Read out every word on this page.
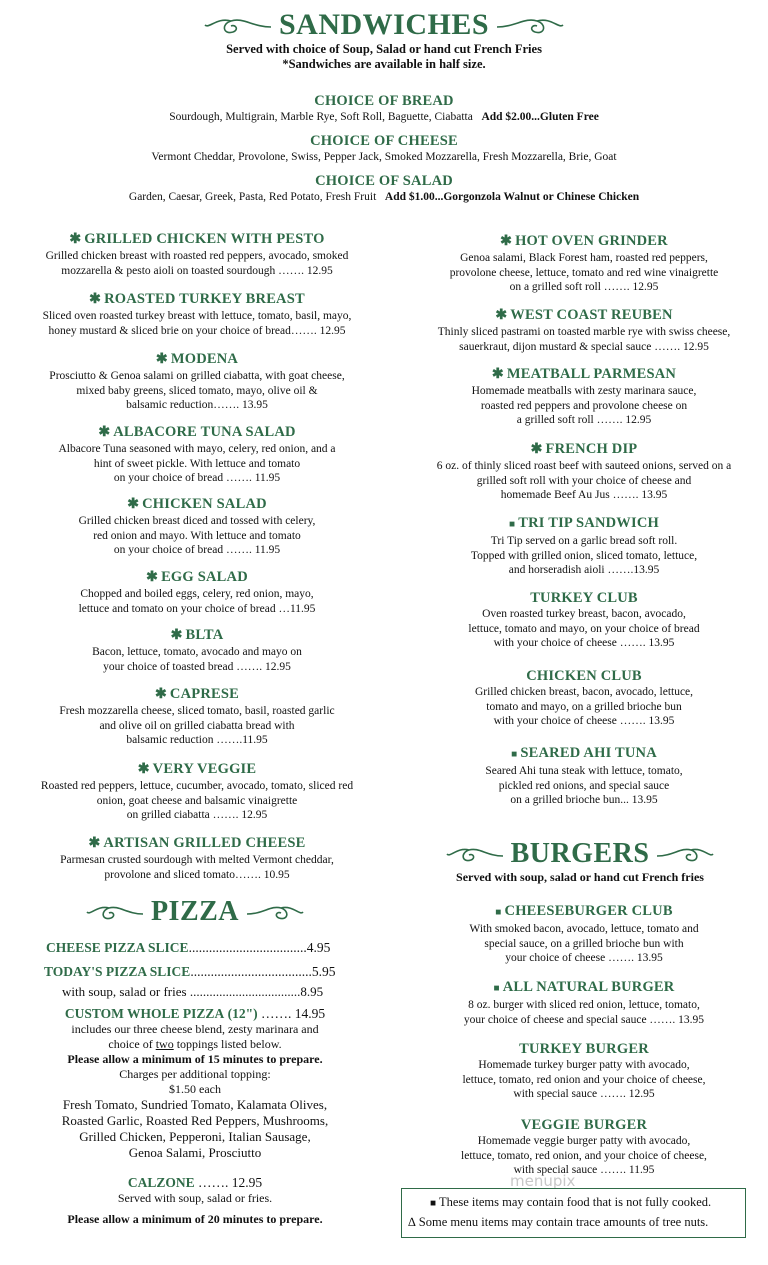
SANDWICHES
Served with choice of Soup, Salad or hand cut French Fries
*Sandwiches are available in half size.
CHOICE OF BREAD
Sourdough, Multigrain, Marble Rye, Soft Roll, Baguette, Ciabatta Add $2.00...Gluten Free
CHOICE OF CHEESE
Vermont Cheddar, Provolone, Swiss, Pepper Jack, Smoked Mozzarella, Fresh Mozzarella, Brie, Goat
CHOICE OF SALAD
Garden, Caesar, Greek, Pasta, Red Potato, Fresh Fruit Add $1.00...Gorgonzola Walnut or Chinese Chicken
✱ GRILLED CHICKEN WITH PESTO
Grilled chicken breast with roasted red peppers, avocado, smoked
mozzarella & pesto aioli on toasted sourdough ……. 12.95
✱ ROASTED TURKEY BREAST
Sliced oven roasted turkey breast with lettuce, tomato, basil, mayo,
honey mustard & sliced brie on your choice of bread……. 12.95
✱ MODENA
Prosciutto & Genoa salami on grilled ciabatta, with goat cheese,
mixed baby greens, sliced tomato, mayo, olive oil &
balsamic reduction……. 13.95
✱ ALBACORE TUNA SALAD
Albacore Tuna seasoned with mayo, celery, red onion, and a
hint of sweet pickle. With lettuce and tomato
on your choice of bread ……. 11.95
✱ CHICKEN SALAD
Grilled chicken breast diced and tossed with celery,
red onion and mayo. With lettuce and tomato
on your choice of bread ……. 11.95
✱ EGG SALAD
Chopped and boiled eggs, celery, red onion, mayo,
lettuce and tomato on your choice of bread …11.95
✱ BLTA
Bacon, lettuce, tomato, avocado and mayo on
your choice of toasted bread ……. 12.95
✱ CAPRESE
Fresh mozzarella cheese, sliced tomato, basil, roasted garlic
and olive oil on grilled ciabatta bread with
balsamic reduction …….11.95
✱ VERY VEGGIE
Roasted red peppers, lettuce, cucumber, avocado, tomato, sliced red
onion, goat cheese and balsamic vinaigrette
on grilled ciabatta ……. 12.95
✱ ARTISAN GRILLED CHEESE
Parmesan crusted sourdough with melted Vermont cheddar,
provolone and sliced tomato……. 10.95
✱ HOT OVEN GRINDER
Genoa salami, Black Forest ham, roasted red peppers,
provolone cheese, lettuce, tomato and red wine vinaigrette
on a grilled soft roll ……. 12.95
✱ WEST COAST REUBEN
Thinly sliced pastrami on toasted marble rye with swiss cheese,
sauerkraut, dijon mustard & special sauce ……. 12.95
✱ MEATBALL PARMESAN
Homemade meatballs with zesty marinara sauce,
roasted red peppers and provolone cheese on
a grilled soft roll ……. 12.95
✱ FRENCH DIP
6 oz. of thinly sliced roast beef with sauteed onions, served on a
grilled soft roll with your choice of cheese and
homemade Beef Au Jus ……. 13.95
■ TRI TIP SANDWICH
Tri Tip served on a garlic bread soft roll.
Topped with grilled onion, sliced tomato, lettuce,
and horseradish aioli …….13.95
TURKEY CLUB
Oven roasted turkey breast, bacon, avocado,
lettuce, tomato and mayo, on your choice of bread
with your choice of cheese ……. 13.95
CHICKEN CLUB
Grilled chicken breast, bacon, avocado, lettuce,
tomato and mayo, on a grilled brioche bun
with your choice of cheese ……. 13.95
■ SEARED AHI TUNA
Seared Ahi tuna steak with lettuce, tomato,
pickled red onions, and special sauce
on a grilled brioche bun... 13.95
BURGERS
Served with soup, salad or hand cut French fries
■ CHEESEBURGER CLUB
With smoked bacon, avocado, lettuce, tomato and
special sauce, on a grilled brioche bun with
your choice of cheese ……. 13.95
■ ALL NATURAL BURGER
8 oz. burger with sliced red onion, lettuce, tomato,
your choice of cheese and special sauce ……. 13.95
TURKEY BURGER
Homemade turkey burger patty with avocado,
lettuce, tomato, red onion and your choice of cheese,
with special sauce ……. 12.95
VEGGIE BURGER
Homemade veggie burger patty with avocado,
lettuce, tomato, red onion, and your choice of cheese,
with special sauce ……. 11.95
PIZZA
CHEESE PIZZA SLICE...................................4.95
TODAY'S PIZZA SLICE....................................5.95
with soup, salad or fries ..................................8.95
CUSTOM WHOLE PIZZA (12") ……. 14.95
includes our three cheese blend, zesty marinara and
choice of two toppings listed below.
Please allow a minimum of 15 minutes to prepare.
Charges per additional topping:
$1.50 each
Fresh Tomato, Sundried Tomato, Kalamata Olives,
Roasted Garlic, Roasted Red Peppers, Mushrooms,
Grilled Chicken, Pepperoni, Italian Sausage,
Genoa Salami, Prosciutto
CALZONE ……. 12.95
Served with soup, salad or fries.
Please allow a minimum of 20 minutes to prepare.
menupix
■ These items may contain food that is not fully cooked.
∆ Some menu items may contain trace amounts of tree nuts.
